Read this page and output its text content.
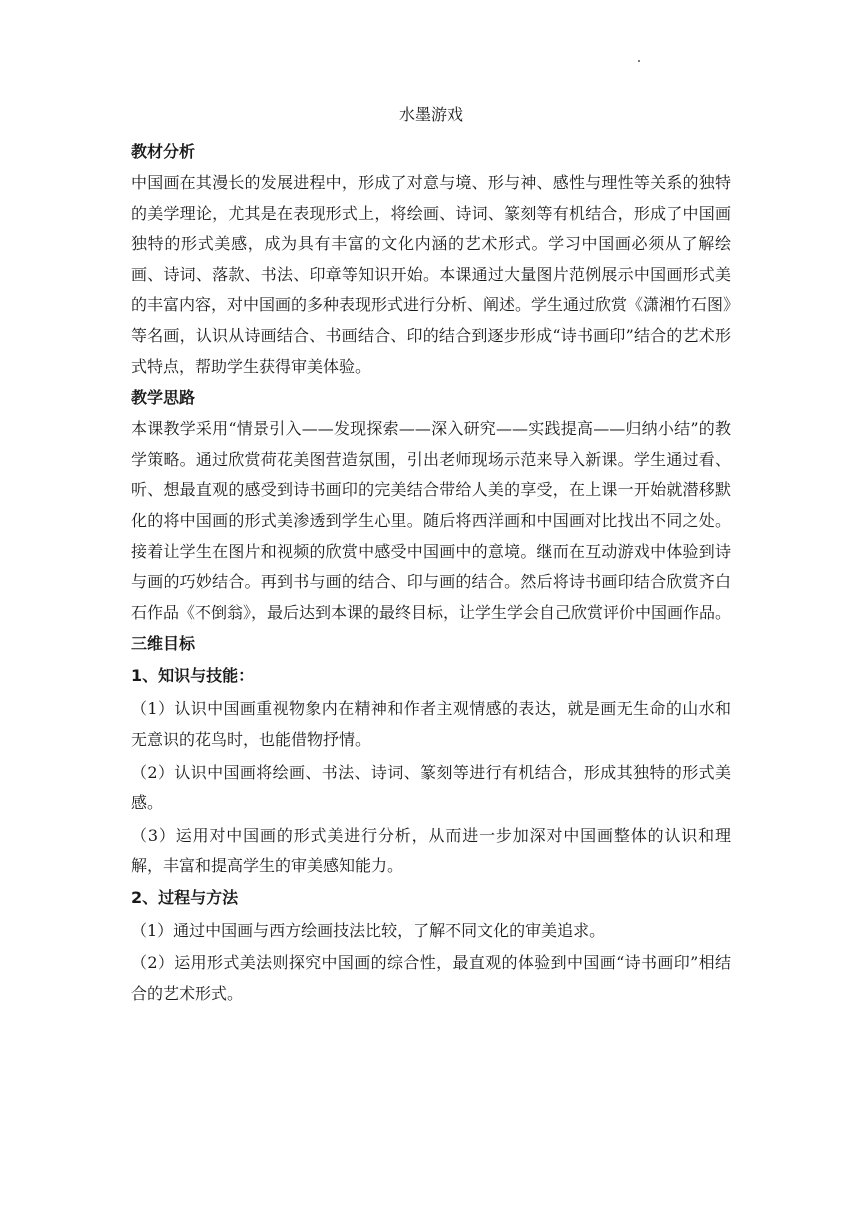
水墨游戏

教材分析

中国画在其漫长的发展进程中，形成了对意与境、形与神、感性与理性等关系的独特的美学理论，尤其是在表现形式上，将绘画、诗词、篆刻等有机结合，形成了中国画独特的形式美感，成为具有丰富的文化内涵的艺术形式。学习中国画必须从了解绘画、诗词、落款、书法、印章等知识开始。本课通过大量图片范例展示中国画形式美的丰富内容，对中国画的多种表现形式进行分析、阐述。学生通过欣赏《潇湘竹石图》等名画，认识从诗画结合、书画结合、印的结合到逐步形成“诗书画印”结合的艺术形式特点，帮助学生获得审美体验。

教学思路

本课教学采用“情景引入——发现探索——深入研究——实践提高——归纳小结”的教学策略。通过欣赏荷花美图营造氛围，引出老师现场示范来导入新课。学生通过看、听、想最直观的感受到诗书画印的完美结合带给人美的享受，在上课一开始就潜移默化的将中国画的形式美渗透到学生心里。随后将西洋画和中国画对比找出不同之处。接着让学生在图片和视频的欣赏中感受中国画中的意境。继而在互动游戏中体验到诗与画的巧妙结合。再到书与画的结合、印与画的结合。然后将诗书画印结合欣赏齐白石作品《不倒翁》，最后达到本课的最终目标，让学生学会自己欣赏评价中国画作品。

三维目标

1、知识与技能：

（1）认识中国画重视物象内在精神和作者主观情感的表达，就是画无生命的山水和无意识的花鸟时，也能借物抒情。

（2）认识中国画将绘画、书法、诗词、篆刻等进行有机结合，形成其独特的形式美感。

（3）运用对中国画的形式美进行分析，从而进一步加深对中国画整体的认识和理解，丰富和提高学生的审美感知能力。

2、过程与方法

（1）通过中国画与西方绘画技法比较，了解不同文化的审美追求。

（2）运用形式美法则探究中国画的综合性，最直观的体验到中国画“诗书画印”相结合的艺术形式。
